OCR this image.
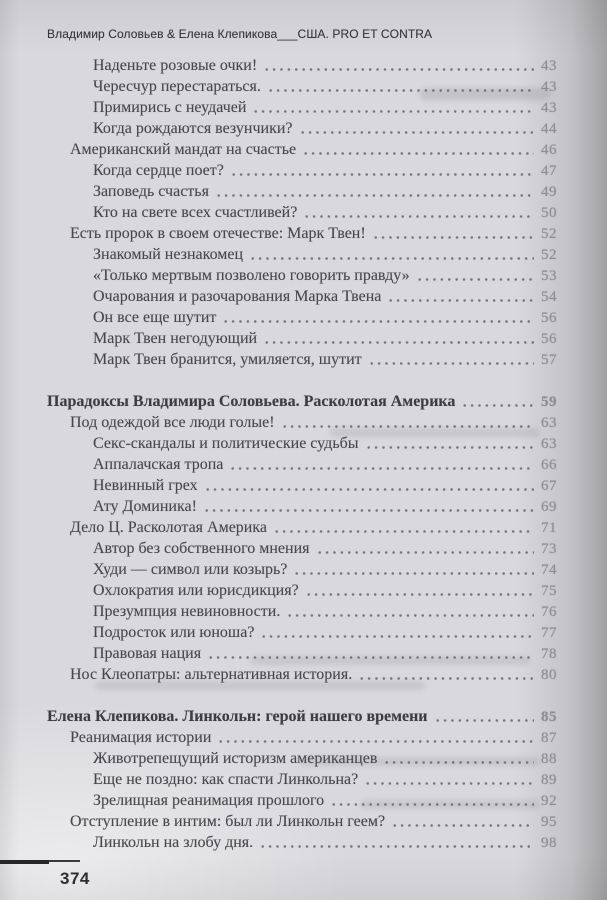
Владимир Соловьев & Елена Клепикова___США. PRO ET CONTRA
Наденьте розовые очки!	43
Чересчур перестараться.	43
Примирись с неудачей	43
Когда рождаются везунчики?	44
Американский мандат на счастье	46
Когда сердце поет?	47
Заповедь счастья	49
Кто на свете всех счастливей?	50
Есть пророк в своем отечестве: Марк Твен!	52
Знакомый незнакомец	52
«Только мертвым позволено говорить правду»	53
Очарования и разочарования Марка Твена	54
Он все еще шутит	56
Марк Твен негодующий	56
Марк Твен бранится, умиляется, шутит	57
Парадоксы Владимира Соловьева. Расколотая Америка	59
Под одеждой все люди голые!	63
Секс-скандалы и политические судьбы	63
Аппалачская тропа	66
Невинный грех	67
Ату Доминика!	69
Дело Ц. Расколотая Америка	71
Автор без собственного мнения	73
Худи — символ или козырь?	74
Охлократия или юрисдикция?	75
Презумпция невиновности.	76
Подросток или юноша?	77
Правовая нация	78
Нос Клеопатры: альтернативная история.	80
Елена Клепикова. Линкольн: герой нашего времени	85
Реанимация истории	87
Животрепещущий историзм американцев	88
Еще не поздно: как спасти Линкольна?	89
Зрелищная реанимация прошлого	92
Отступление в интим: был ли Линкольн геем?	95
Линкольн на злобу дня.	98
374
